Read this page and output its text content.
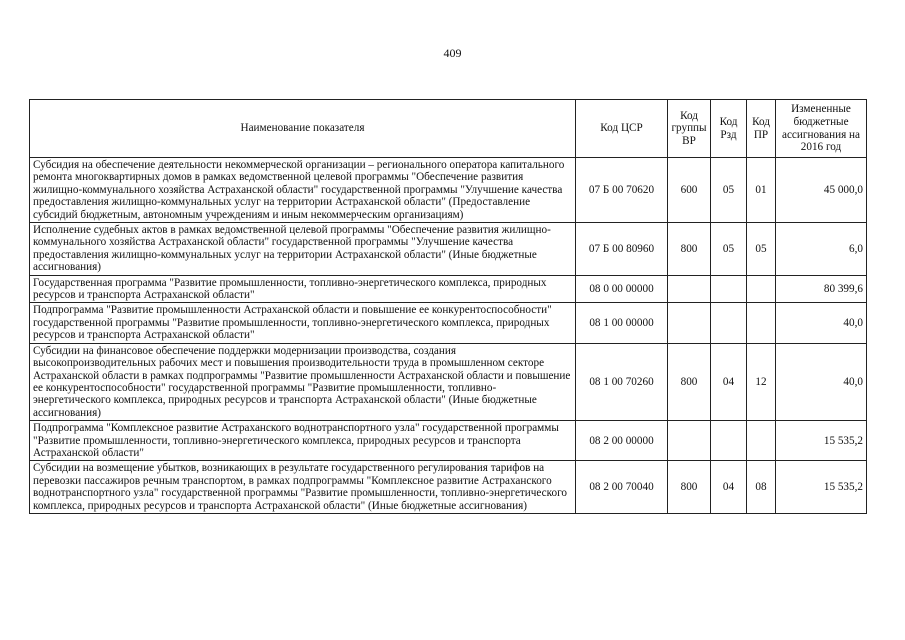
409
Наименование показателя	Код ЦСР	Код группы ВР	Код Рзд	Код ПР	Измененные бюджетные ассигнования на 2016 год
Субсидия на обеспечение деятельности некоммерческой организации – регионального оператора капитального ремонта многоквартирных домов в рамках ведомственной целевой программы "Обеспечение развития жилищно-коммунального хозяйства Астраханской области" государственной программы "Улучшение качества предоставления жилищно-коммунальных услуг на территории Астраханской области" (Предоставление субсидий бюджетным, автономным учреждениям и иным некоммерческим организациям)	07 Б 00 70620	600	05	01	45 000,0
Исполнение судебных актов в рамках ведомственной целевой программы "Обеспечение развития жилищно-коммунального хозяйства Астраханской области" государственной программы "Улучшение качества предоставления жилищно-коммунальных услуг на территории Астраханской области" (Иные бюджетные ассигнования)	07 Б 00 80960	800	05	05	6,0
Государственная программа "Развитие промышленности, топливно-энергетического комплекса, природных ресурсов и транспорта Астраханской области"	08 0 00 00000				80 399,6
Подпрограмма "Развитие промышленности Астраханской области и повышение ее конкурентоспособности" государственной программы "Развитие промышленности, топливно-энергетического комплекса, природных ресурсов и транспорта Астраханской области"	08 1 00 00000				40,0
Субсидии на финансовое обеспечение поддержки модернизации производства, создания высокопроизводительных рабочих мест и повышения производительности труда в промышленном секторе Астраханской области в рамках подпрограммы "Развитие промышленности Астраханской области и повышение ее конкурентоспособности" государственной программы "Развитие промышленности, топливно-энергетического комплекса, природных ресурсов и транспорта Астраханской области" (Иные бюджетные ассигнования)	08 1 00 70260	800	04	12	40,0
Подпрограмма "Комплексное развитие Астраханского воднотранспортного узла" государственной программы "Развитие промышленности, топливно-энергетического комплекса, природных ресурсов и транспорта Астраханской области"	08 2 00 00000				15 535,2
Субсидии на возмещение убытков, возникающих в результате государственного регулирования тарифов на перевозки пассажиров речным транспортом, в рамках подпрограммы "Комплексное развитие Астраханского воднотранспортного узла" государственной программы "Развитие промышленности, топливно-энергетического комплекса, природных ресурсов и транспорта Астраханской области" (Иные бюджетные ассигнования)	08 2 00 70040	800	04	08	15 535,2
